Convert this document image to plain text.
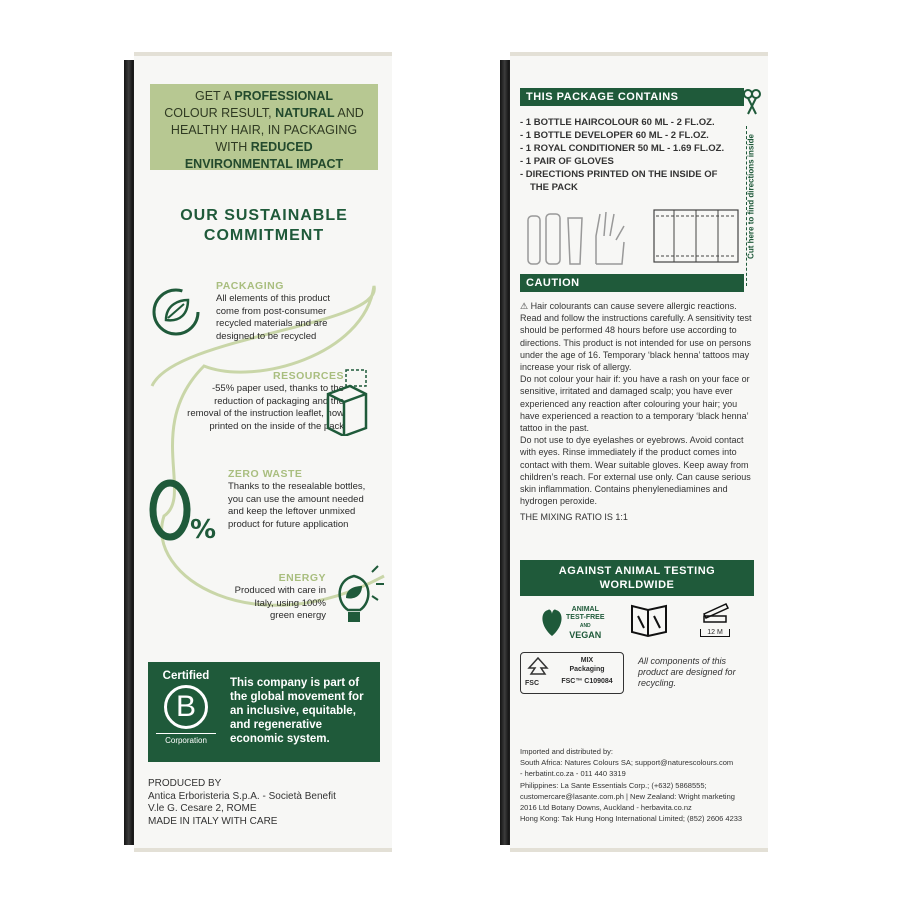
GET A PROFESSIONAL
COLOUR RESULT, NATURAL AND
HEALTHY HAIR, IN PACKAGING
WITH REDUCED
ENVIRONMENTAL IMPACT
OUR SUSTAINABLE
COMMITMENT
PACKAGING
All elements of this product come from post-consumer recycled materials and are designed to be recycled
RESOURCES
-55% paper used, thanks to the reduction of packaging and the removal of the instruction leaflet, now printed on the inside of the pack
%
ZERO WASTE
Thanks to the resealable bottles, you can use the amount needed and keep the leftover unmixed product for future application
ENERGY
Produced with care in Italy, using 100% green energy
Certified
B
Corporation
This company is part of the global movement for an inclusive, equitable, and regenerative economic system.
PRODUCED BY
Antica Erboristeria S.p.A. - Società Benefit
V.le G. Cesare 2, ROME
MADE IN ITALY WITH CARE
THIS PACKAGE CONTAINS
- 1 BOTTLE HAIRCOLOUR 60 ML - 2 FL.OZ.
- 1 BOTTLE DEVELOPER 60 ML - 2 FL.OZ.
- 1 ROYAL CONDITIONER 50 ML - 1.69 FL.OZ.
- 1 PAIR OF GLOVES
- DIRECTIONS PRINTED ON THE INSIDE OF THE PACK	Cut here to find directions inside
CAUTION

⚠ Hair colourants can cause severe allergic reactions. Read and follow the instructions carefully. A sensitivity test should be performed 48 hours before use according to directions. This product is not intended for use on persons under the age of 16. Temporary ‘black henna’ tattoos may increase your risk of allergy.

Do not colour your hair if: you have a rash on your face or sensitive, irritated and damaged scalp; you have ever experienced any reaction after colouring your hair; you have experienced a reaction to a temporary ‘black henna’ tattoo in the past.

Do not use to dye eyelashes or eyebrows. Avoid contact with eyes. Rinse immediately if the product comes into contact with them. Wear suitable gloves. Keep away from children’s reach. For external use only. Can cause serious skin inflammation. Contains phenylenediamines and hydrogen peroxide.

THE MIXING RATIO IS 1:1

AGAINST ANIMAL TESTING
WORLDWIDE
ANIMAL
TEST-FREE
AND
VEGAN	12 M
FSC
MIX
Packaging
FSC™ C109084
All components of this product are designed for recycling.
Imported and distributed by:
South Africa: Natures Colours SA; support@naturescolours.com
- herbatint.co.za - 011 440 3319
Philippines: La Sante Essentials Corp.; (+632) 5868555;
customercare@lasante.com.ph | New Zealand: Wright marketing
2016 Ltd Botany Downs, Auckland - herbavita.co.nz
Hong Kong: Tak Hung Hong International Limited; (852) 2606 4233
